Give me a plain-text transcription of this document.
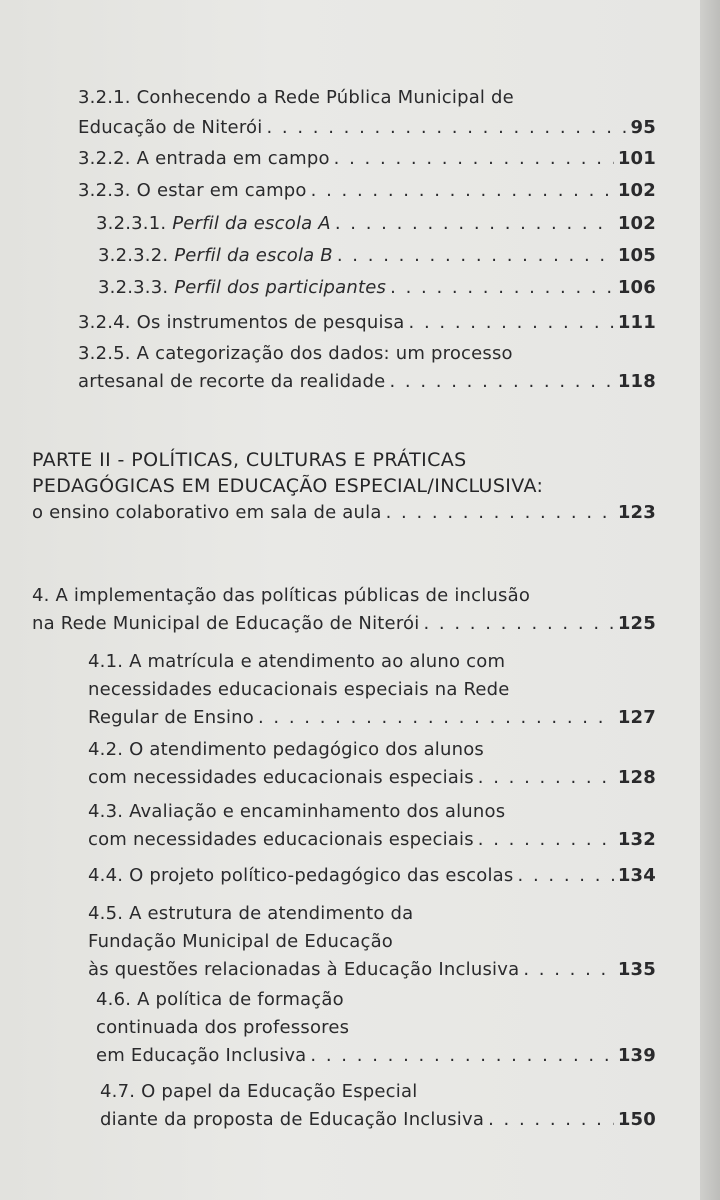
3.2.1. Conhecendo a Rede Pública Municipal de
Educação de Niterói . . .	95
3.2.2. A entrada em campo . . .	101
3.2.3. O estar em campo . . .	102
3.2.3.1. Perfil da escola A . . .	102
3.2.3.2. Perfil da escola B . . .	105
3.2.3.3. Perfil dos participantes . . .	106
3.2.4. Os instrumentos de pesquisa . . .	111
3.2.5. A categorização dos dados: um processo
artesanal de recorte da realidade . . .	118
PARTE II - POLÍTICAS, CULTURAS E PRÁTICAS
PEDAGÓGICAS EM EDUCAÇÃO ESPECIAL/INCLUSIVA:
o ensino colaborativo em sala de aula . . .	123
4. A implementação das políticas públicas de inclusão
na Rede Municipal de Educação de Niterói . . .	125
4.1. A matrícula e atendimento ao aluno com
necessidades educacionais especiais na Rede
Regular de Ensino . . .	127
4.2. O atendimento pedagógico dos alunos
com necessidades educacionais especiais . . .	128
4.3. Avaliação e encaminhamento dos alunos
com necessidades educacionais especiais . . .	132
4.4. O projeto político-pedagógico das escolas . . .	134
4.5. A estrutura de atendimento da
Fundação Municipal de Educação
às questões relacionadas à Educação Inclusiva . . .	135
4.6. A política de formação
continuada dos professores
em Educação Inclusiva . . .	139
4.7. O papel da Educação Especial
diante da proposta de Educação Inclusiva . . .	150
